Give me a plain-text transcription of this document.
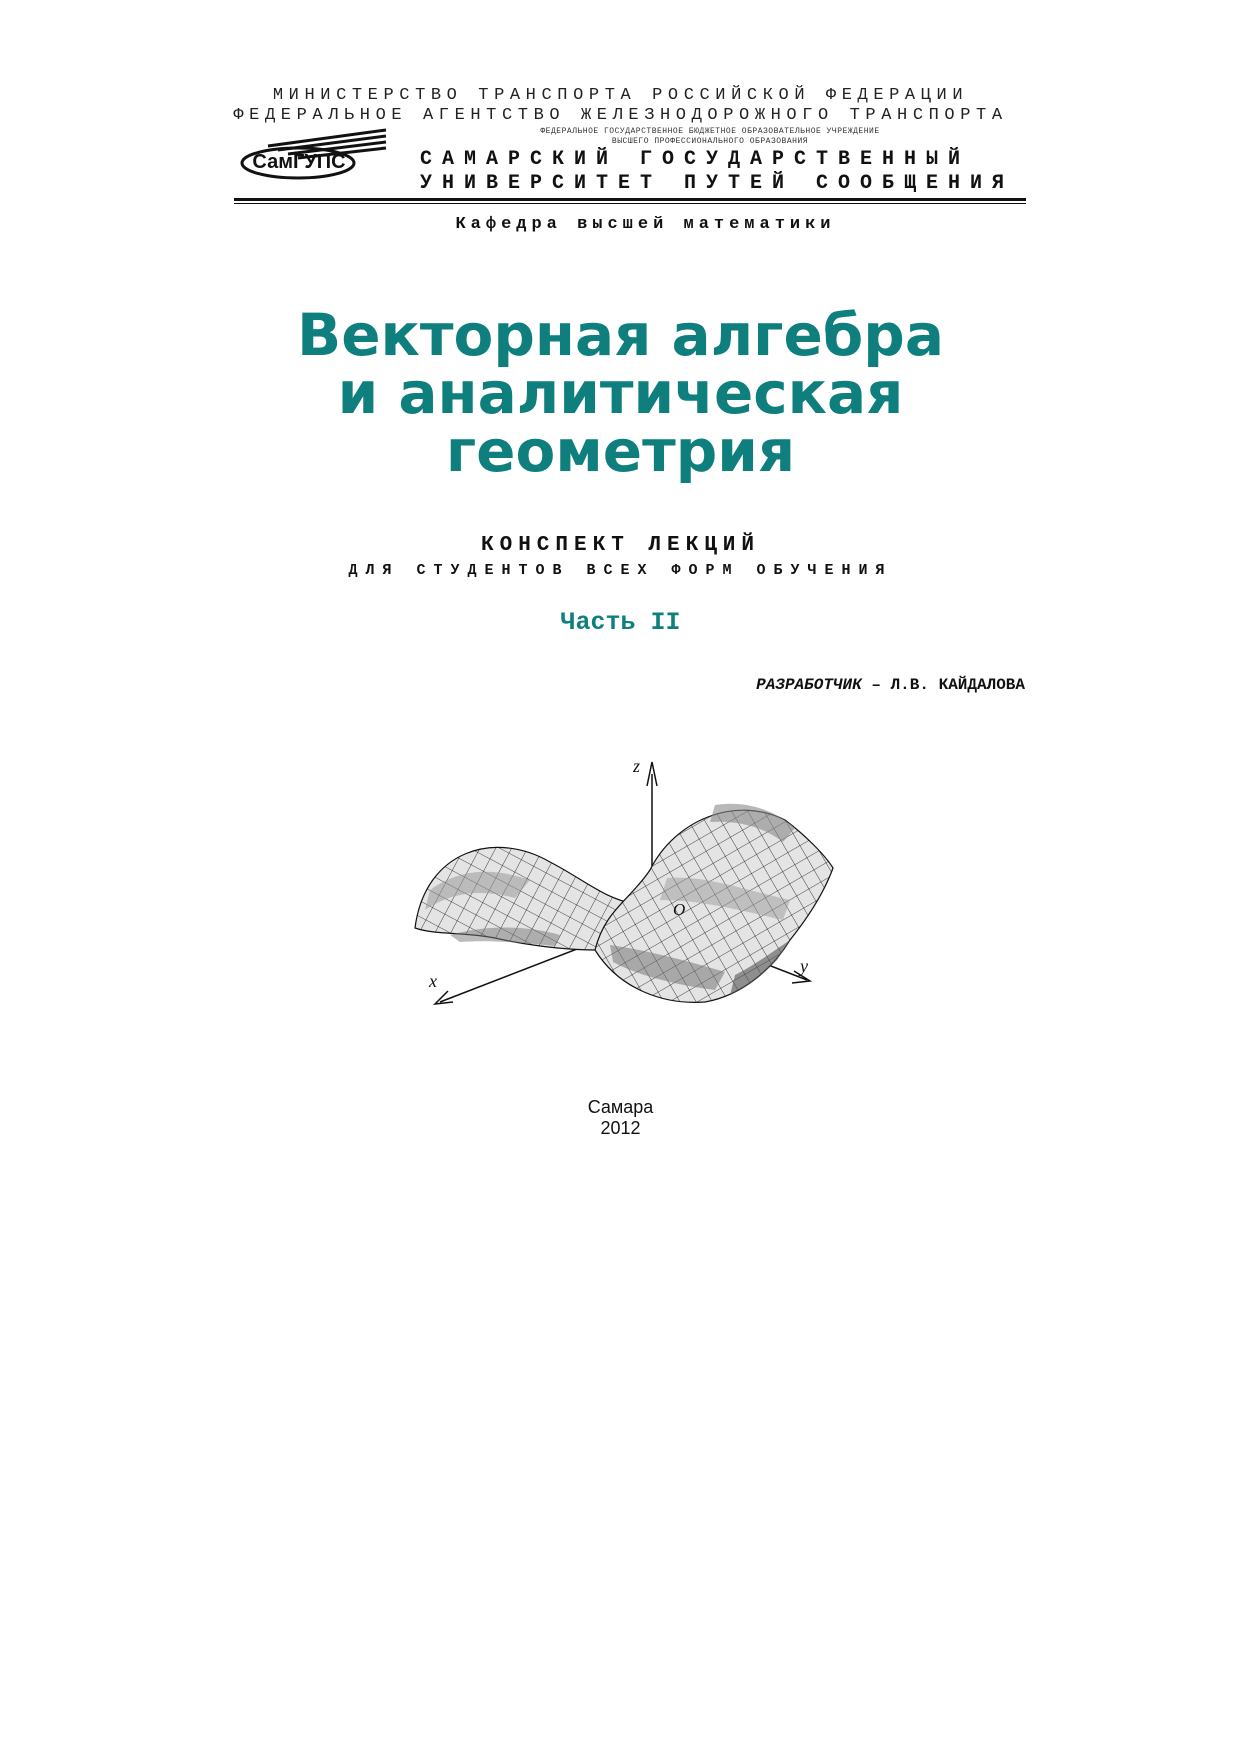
МИНИСТЕРСТВО ТРАНСПОРТА РОССИЙСКОЙ ФЕДЕРАЦИИ
ФЕДЕРАЛЬНОЕ АГЕНТСТВО ЖЕЛЕЗНОДОРОЖНОГО ТРАНСПОРТА
ФЕДЕРАЛЬНОЕ ГОСУДАРСТВЕННОЕ БЮДЖЕТНОЕ ОБРАЗОВАТЕЛЬНОЕ УЧРЕЖДЕНИЕ
ВЫСШЕГО ПРОФЕССИОНАЛЬНОГО ОБРАЗОВАНИЯ
СамГУПС	САМАРСКИЙ ГОСУДАРСТВЕННЫЙ
УНИВЕРСИТЕТ ПУТЕЙ СООБЩЕНИЯ
Кафедра высшей математики
Векторная алгебра
и аналитическая
геометрия
КОНСПЕКТ ЛЕКЦИЙ
ДЛЯ СТУДЕНТОВ ВСЕХ ФОРМ ОБУЧЕНИЯ
Часть II
РАЗРАБОТЧИК – Л.В. КАЙДАЛОВА
z
x
y
O
Самара
2012
